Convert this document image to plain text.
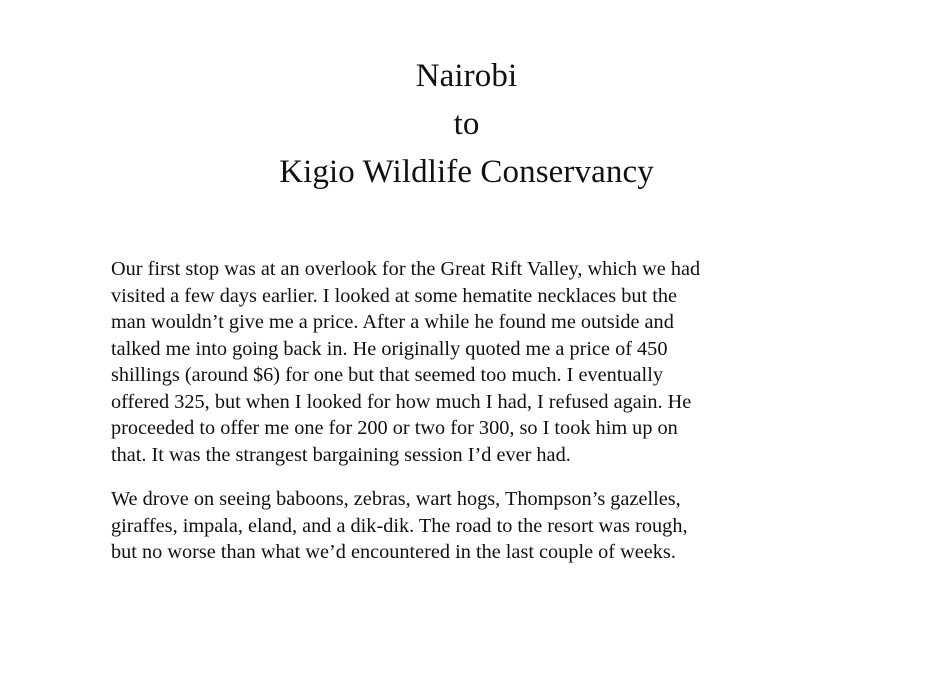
Nairobi
to
Kigio Wildlife Conservancy

Our first stop was at an overlook for the Great Rift Valley, which we had
visited a few days earlier. I looked at some hematite necklaces but the
man wouldn’t give me a price. After a while he found me outside and
talked me into going back in. He originally quoted me a price of 450
shillings (around $6) for one but that seemed too much. I eventually
offered 325, but when I looked for how much I had, I refused again. He
proceeded to offer me one for 200 or two for 300, so I took him up on
that. It was the strangest bargaining session I’d ever had.

We drove on seeing baboons, zebras, wart hogs, Thompson’s gazelles,
giraffes, impala, eland, and a dik-dik. The road to the resort was rough,
but no worse than what we’d encountered in the last couple of weeks.
